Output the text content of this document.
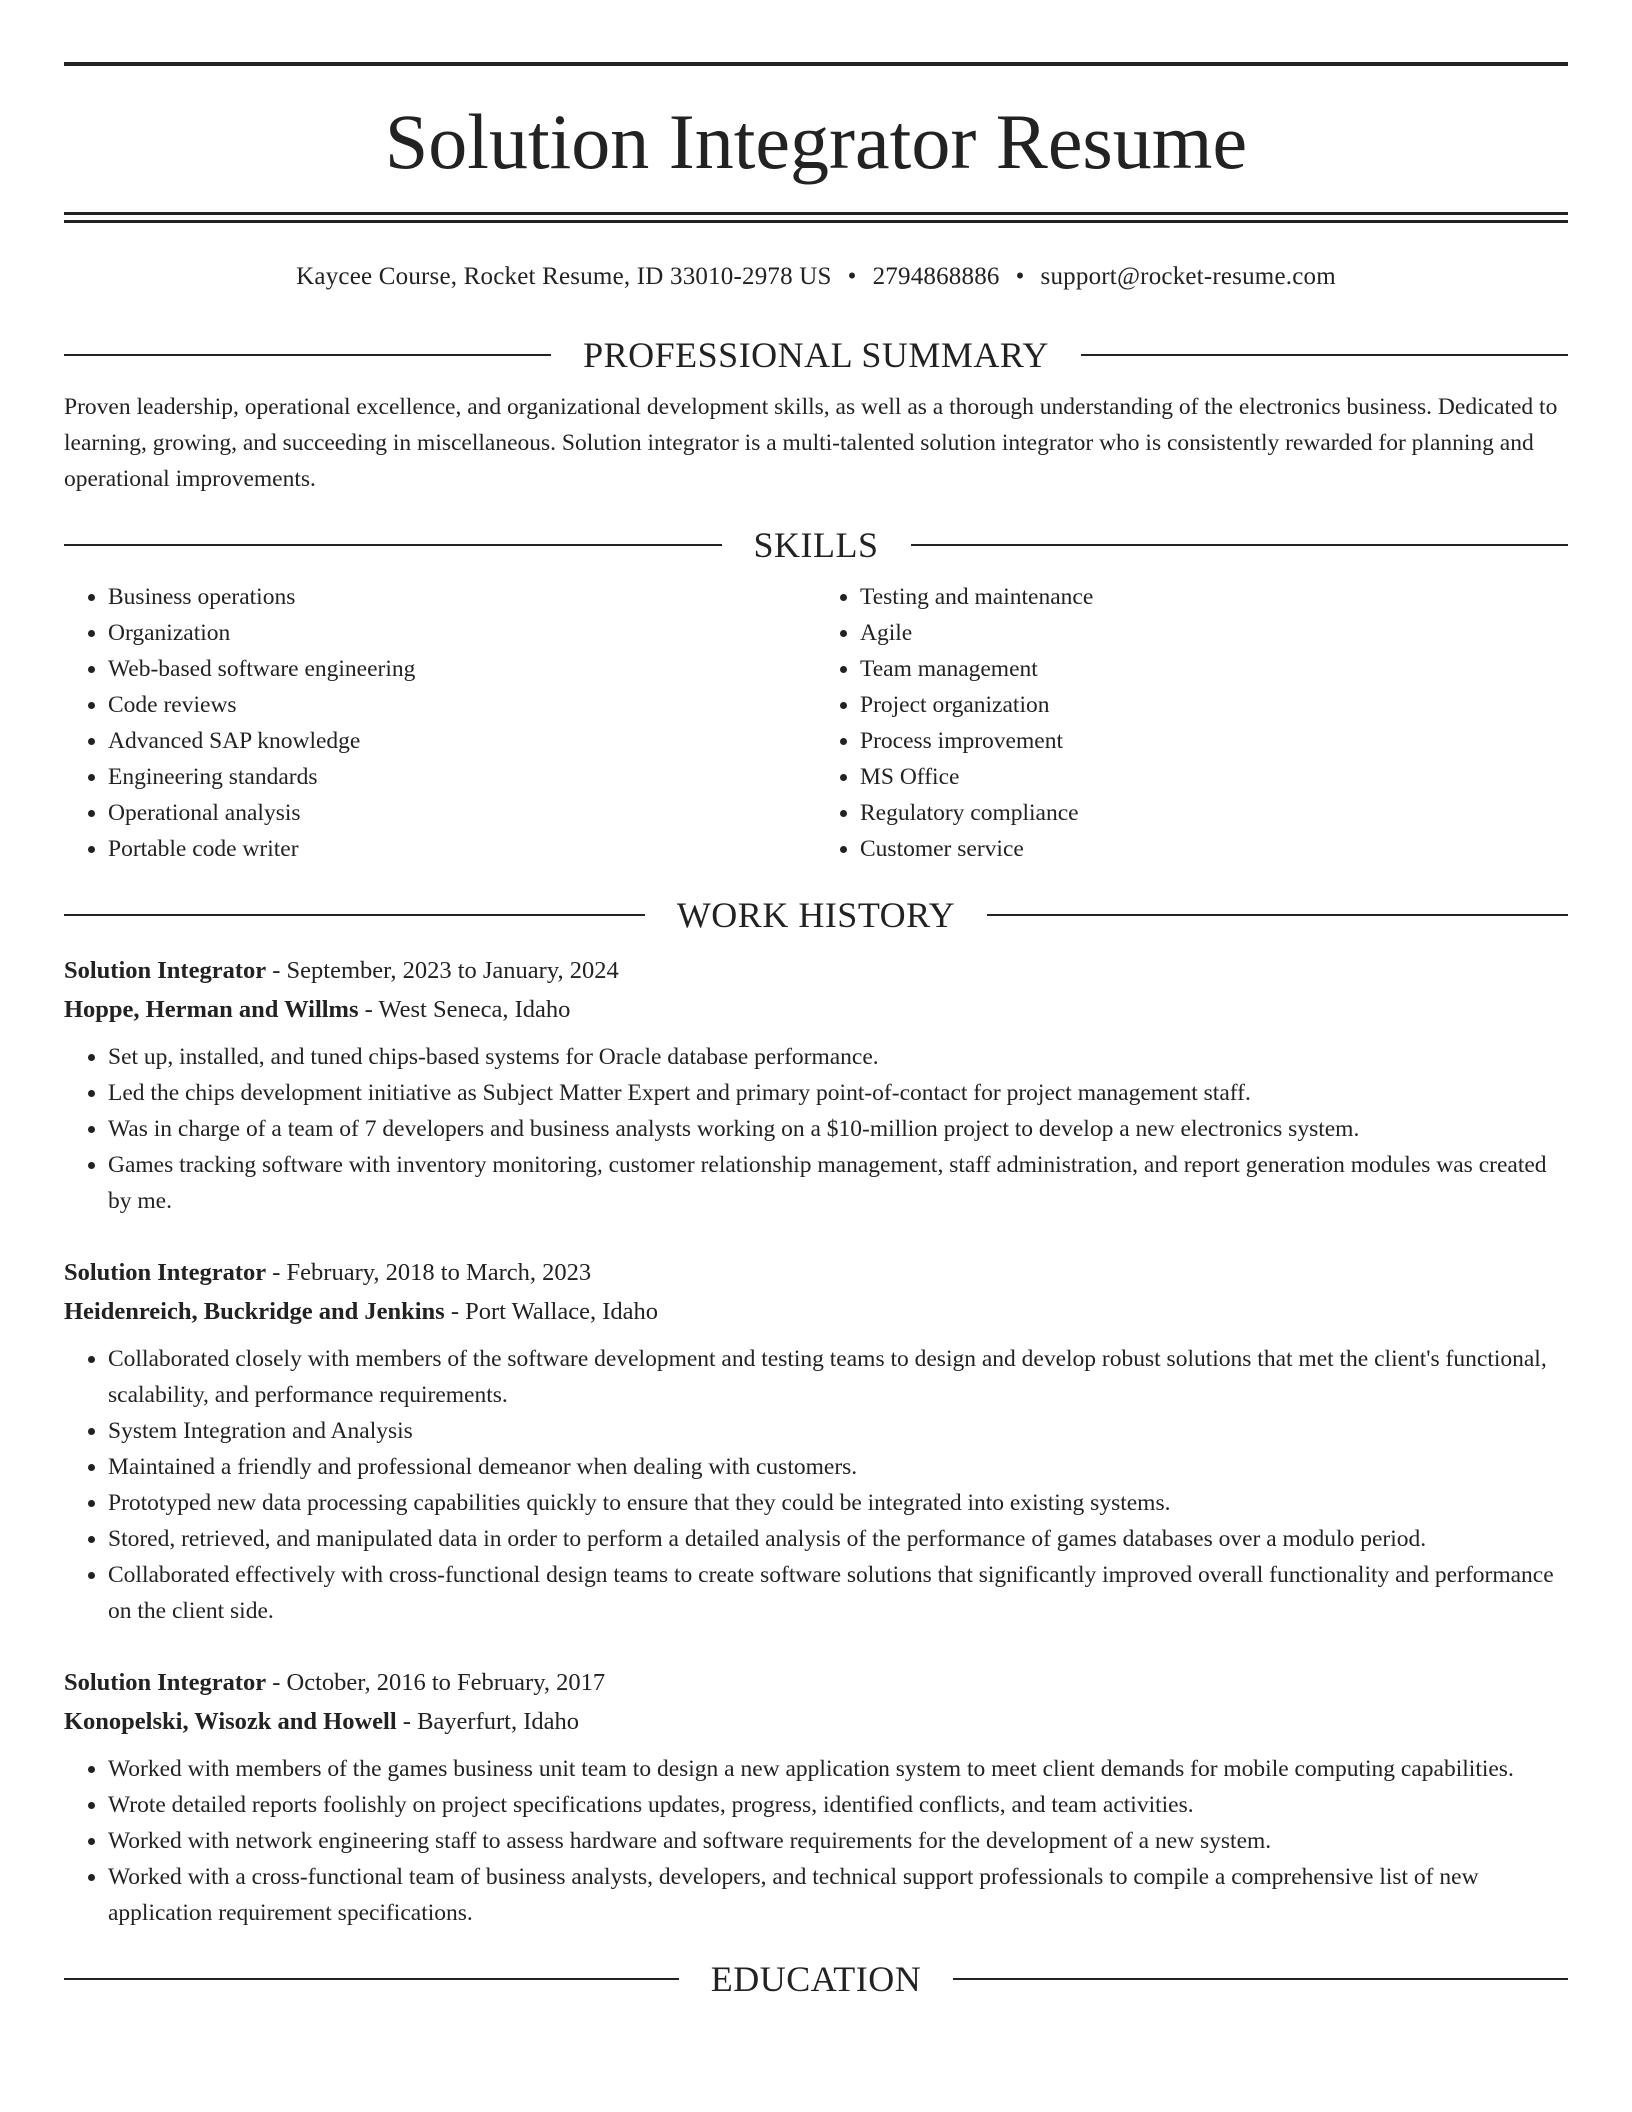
Solution Integrator Resume
Kaycee Course, Rocket Resume, ID 33010-2978 US • 2794868886 • support@rocket-resume.com
PROFESSIONAL SUMMARY
Proven leadership, operational excellence, and organizational development skills, as well as a thorough understanding of the electronics business. Dedicated to learning, growing, and succeeding in miscellaneous. Solution integrator is a multi-talented solution integrator who is consistently rewarded for planning and operational improvements.
SKILLS
• Business operations
• Organization
• Web-based software engineering
• Code reviews
• Advanced SAP knowledge
• Engineering standards
• Operational analysis
• Portable code writer
• Testing and maintenance
• Agile
• Team management
• Project organization
• Process improvement
• MS Office
• Regulatory compliance
• Customer service
WORK HISTORY
Solution Integrator - September, 2023 to January, 2024
Hoppe, Herman and Willms - West Seneca, Idaho
• Set up, installed, and tuned chips-based systems for Oracle database performance.
• Led the chips development initiative as Subject Matter Expert and primary point-of-contact for project management staff.
• Was in charge of a team of 7 developers and business analysts working on a $10-million project to develop a new electronics system.
• Games tracking software with inventory monitoring, customer relationship management, staff administration, and report generation modules was created by me.
Solution Integrator - February, 2018 to March, 2023
Heidenreich, Buckridge and Jenkins - Port Wallace, Idaho
• Collaborated closely with members of the software development and testing teams to design and develop robust solutions that met the client's functional, scalability, and performance requirements.
• System Integration and Analysis
• Maintained a friendly and professional demeanor when dealing with customers.
• Prototyped new data processing capabilities quickly to ensure that they could be integrated into existing systems.
• Stored, retrieved, and manipulated data in order to perform a detailed analysis of the performance of games databases over a modulo period.
• Collaborated effectively with cross-functional design teams to create software solutions that significantly improved overall functionality and performance on the client side.
Solution Integrator - October, 2016 to February, 2017
Konopelski, Wisozk and Howell - Bayerfurt, Idaho
• Worked with members of the games business unit team to design a new application system to meet client demands for mobile computing capabilities.
• Wrote detailed reports foolishly on project specifications updates, progress, identified conflicts, and team activities.
• Worked with network engineering staff to assess hardware and software requirements for the development of a new system.
• Worked with a cross-functional team of business analysts, developers, and technical support professionals to compile a comprehensive list of new application requirement specifications.
EDUCATION
